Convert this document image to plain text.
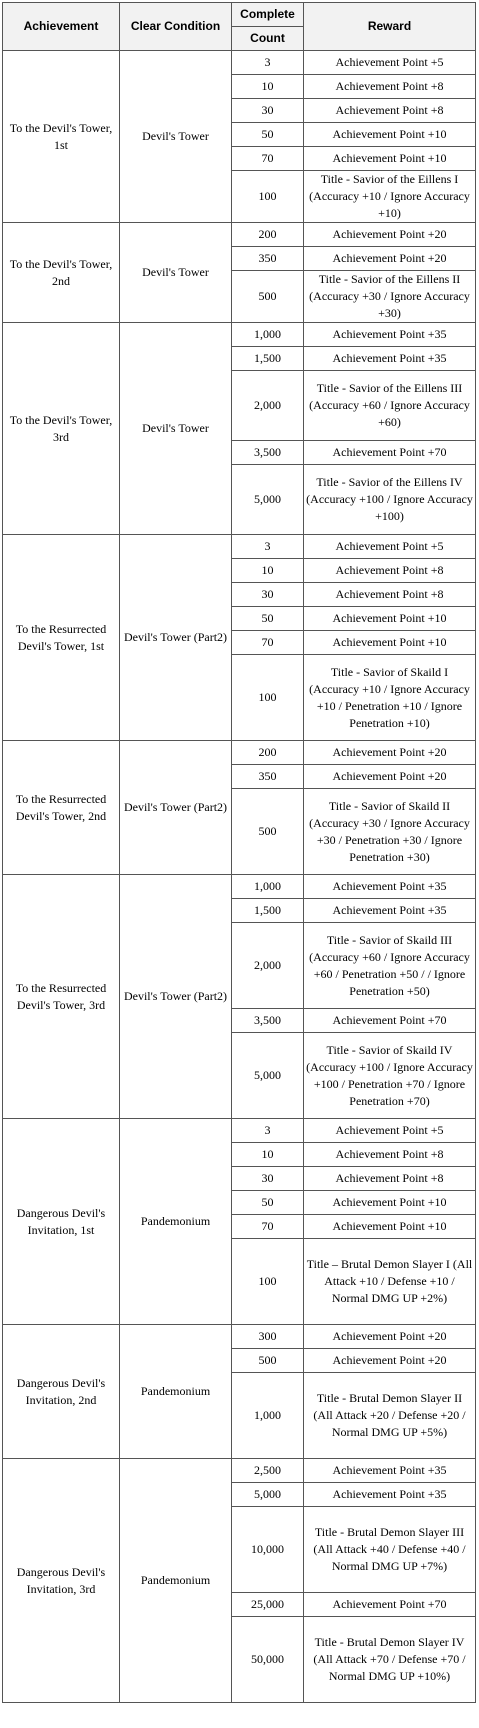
Achievement	Clear Condition	Complete	Reward
		Count	
To the Devil's Tower, 1st	Devil's Tower	3	Achievement Point +5
		10	Achievement Point +8
		30	Achievement Point +8
		50	Achievement Point +10
		70	Achievement Point +10
		100	Title - Savior of the Eillens I (Accuracy +10 / Ignore Accuracy +10)
To the Devil's Tower, 2nd	Devil's Tower	200	Achievement Point +20
		350	Achievement Point +20
		500	Title - Savior of the Eillens II (Accuracy +30 / Ignore Accuracy +30)
To the Devil's Tower, 3rd	Devil's Tower	1,000	Achievement Point +35
		1,500	Achievement Point +35
		2,000	Title - Savior of the Eillens III (Accuracy +60 / Ignore Accuracy +60)
		3,500	Achievement Point +70
		5,000	Title - Savior of the Eillens IV (Accuracy +100 / Ignore Accuracy +100)
To the Resurrected Devil's Tower, 1st	Devil's Tower (Part2)	3	Achievement Point +5
		10	Achievement Point +8
		30	Achievement Point +8
		50	Achievement Point +10
		70	Achievement Point +10
		100	Title - Savior of Skaild I (Accuracy +10 / Ignore Accuracy +10 / Penetration +10 / Ignore Penetration +10)
To the Resurrected Devil's Tower, 2nd	Devil's Tower (Part2)	200	Achievement Point +20
		350	Achievement Point +20
		500	Title - Savior of Skaild II (Accuracy +30 / Ignore Accuracy +30 / Penetration +30 / Ignore Penetration +30)
To the Resurrected Devil's Tower, 3rd	Devil's Tower (Part2)	1,000	Achievement Point +35
		1,500	Achievement Point +35
		2,000	Title - Savior of Skaild III (Accuracy +60 / Ignore Accuracy +60 / Penetration +50 / / Ignore Penetration +50)
		3,500	Achievement Point +70
		5,000	Title - Savior of Skaild IV (Accuracy +100 / Ignore Accuracy +100 / Penetration +70 / Ignore Penetration +70)
Dangerous Devil's Invitation, 1st	Pandemonium	3	Achievement Point +5
		10	Achievement Point +8
		30	Achievement Point +8
		50	Achievement Point +10
		70	Achievement Point +10
		100	Title – Brutal Demon Slayer I (All Attack +10 / Defense +10 / Normal DMG UP +2%)
Dangerous Devil's Invitation, 2nd	Pandemonium	300	Achievement Point +20
		500	Achievement Point +20
		1,000	Title - Brutal Demon Slayer II (All Attack +20 / Defense +20 / Normal DMG UP +5%)
Dangerous Devil's Invitation, 3rd	Pandemonium	2,500	Achievement Point +35
		5,000	Achievement Point +35
		10,000	Title - Brutal Demon Slayer III (All Attack +40 / Defense +40 / Normal DMG UP +7%)
		25,000	Achievement Point +70
		50,000	Title - Brutal Demon Slayer IV (All Attack +70 / Defense +70 / Normal DMG UP +10%)
